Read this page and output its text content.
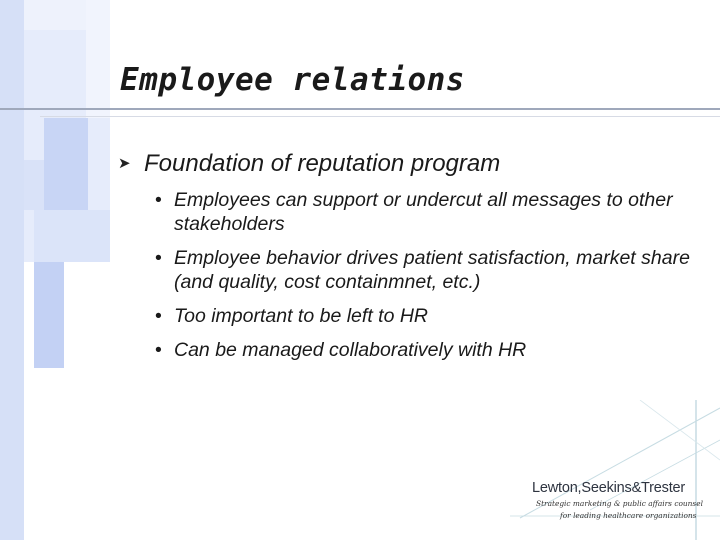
Employee relations
➤ Foundation of reputation program
• Employees can support or undercut all messages to other stakeholders
• Employee behavior drives patient satisfaction, market share (and quality, cost containmnet, etc.)
• Too important to be left to HR
• Can be managed collaboratively with HR
Lewton,Seekins&Trester
Strategic marketing & public affairs counsel
for leading healthcare organizations
